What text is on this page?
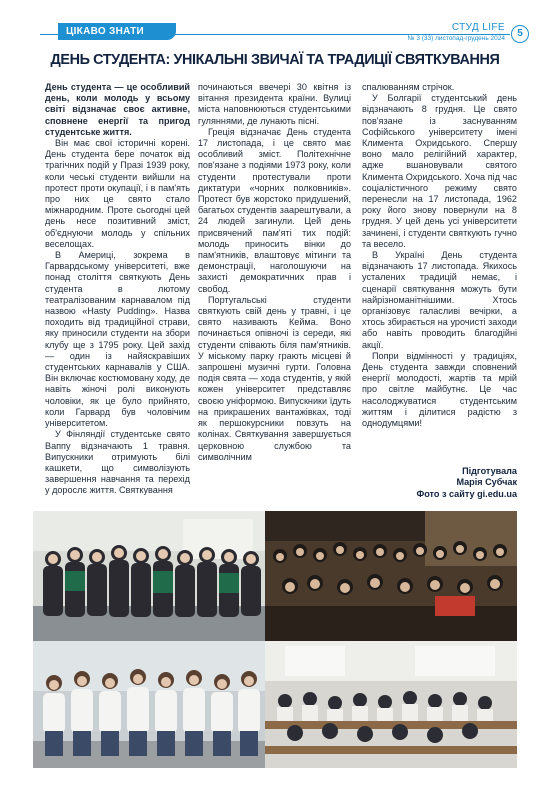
ЦІКАВО ЗНАТИ	СТУД LIFE
№ 3 (33) листопад-грудень 2024	5
ДЕНЬ СТУДЕНТА: УНІКАЛЬНІ ЗВИЧАЇ ТА ТРАДИЦІЇ СВЯТКУВАННЯ

День студента — це особливий день, коли молодь у всьому світі відзначає своє активне, сповнене енергії та пригод студентське життя.

Він має свої історичні корені. День студента бере початок від трагічних подій у Празі 1939 року, коли чеські студенти вийшли на протест проти окупації, і в пам'ять про них це свято стало міжнародним. Проте сьогодні цей день несе позитивний зміст, об'єднуючи молодь у спільних веселощах.

В Америці, зокрема в Гарвардському університеті, вже понад століття святкують День студента в лютому театралізованим карнавалом під назвою «Hasty Pudding». Назва походить від традиційної страви, яку приносили студенти на збори клубу ще з 1795 року. Цей захід — один із найяскравіших студентських карнавалів у США. Він включає костюмовану ходу, де навіть жіночі ролі виконують чоловіки, як це було прийнято, коли Гарвард був чоловічим університетом.

У Фінляндії студентське свято Ваппу відзначають 1 травня. Випускники отримують білі кашкети, що символізують завершення навчання та перехід у дорослє життя. Святкування

починаються ввечері 30 квітня із вітання президента країни. Вулиці міста наповнюються студентськими гуляннями, де лунають пісні.

Греція відзначає День студента 17 листопада, і це свято має особливий зміст. Політехнічне пов'язане з подіями 1973 року, коли студенти протестували проти диктатури «чорних полковників». Протест був жорстоко придушений, багатьох студентів заарештували, а 24 людей загинули. Цей день присвячений пам'яті тих подій: молодь приносить вінки до пам'ятників, влаштовує мітинги та демонстрації, наголошуючи на захисті демократичних прав і свобод.

Португальські студенти святкують свій день у травні, і це свято називають Кейма. Воно починається опівночі із середи, які студенти співають біля пам'ятників. У міському парку грають місцеві й запрошені музичні гурти. Головна подія свята — хода студентів, у якій кожен університет представляє своєю уніформою. Випускники їдуть на прикрашених вантажівках, тоді як першокурсники повзуть на колінах. Святкування завершується церковною службою та символічним

спалюванням стрічок.

У Болгарії студентський день відзначають 8 грудня. Це свято пов'язане із заснуванням Софійського університету імені Климента Охридського. Спершу воно мало релігійний характер, адже вшановували святого Климента Охридського. Хоча під час соціалістичного режиму свято перенесли на 17 листопада, 1962 року його знову повернули на 8 грудня. У цей день усі університети зачинені, і студенти святкують гучно та весело.

В Україні День студента відзначають 17 листопада. Якихось усталених традицій немає, і сценарії святкування можуть бути найрізноманітнішими. Хтось організовує галасливі вечірки, а хтось збирається на урочисті заходи або навіть проводить благодійні акції.

Попри відмінності у традиціях, День студента завжди сповнений енергії молодості, жартів та мрій про світле майбутнє. Це час насолоджуватися студентським життям і ділитися радістю з однодумцями!

Підготувала
Марія Субчак
Фото з сайту gi.edu.ua
